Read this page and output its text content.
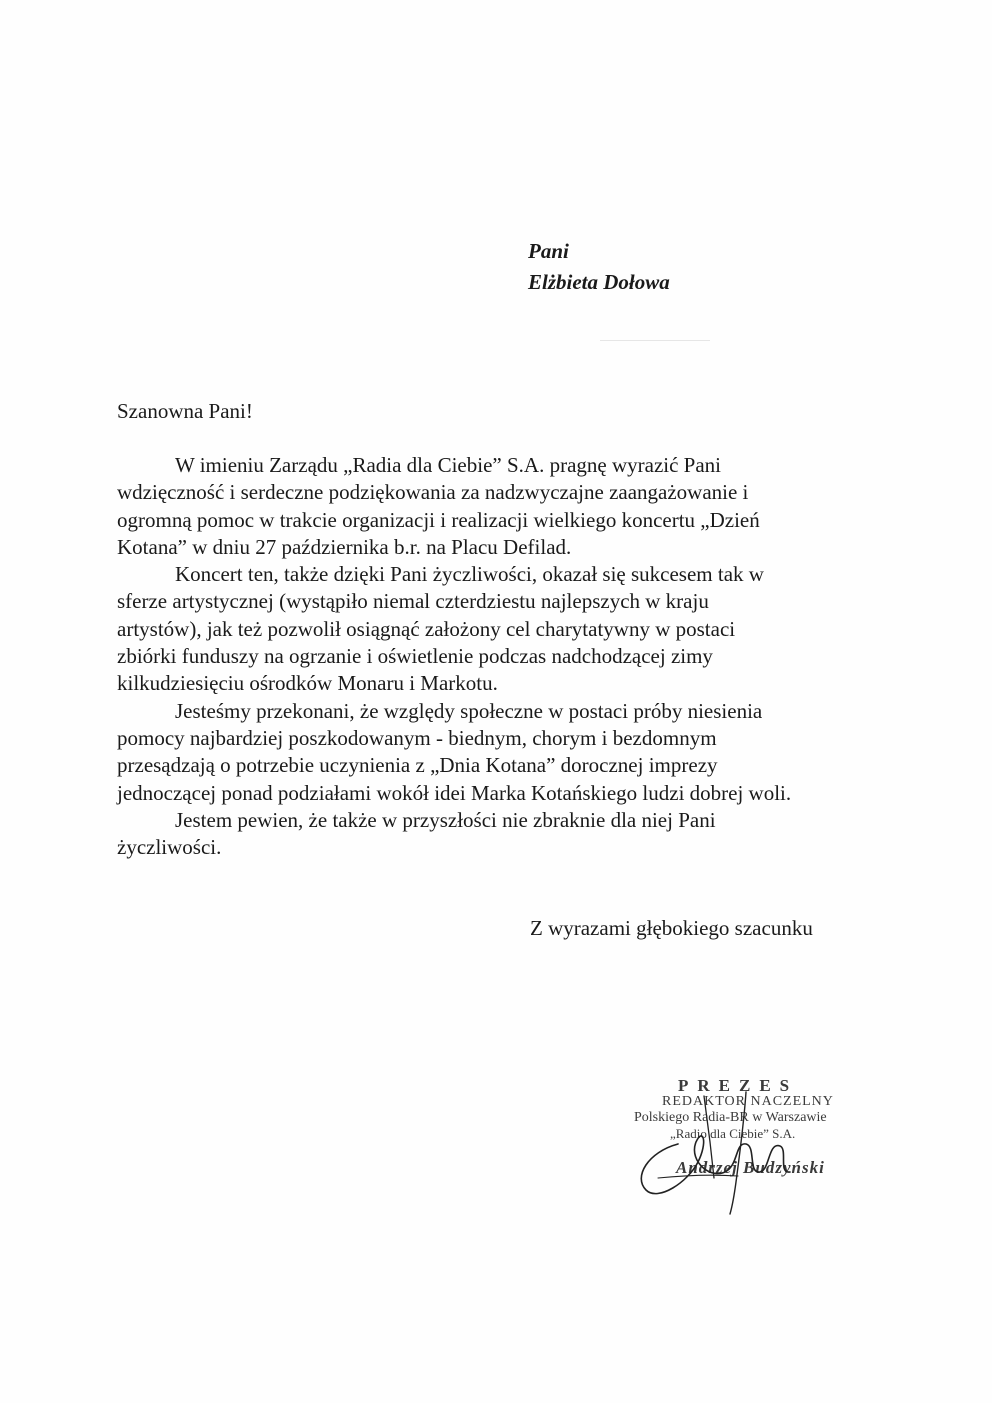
Pani
Elżbieta Dołowa
Szanowna Pani!
W imieniu Zarządu „Radia dla Ciebie” S.A. pragnę wyrazić Pani
wdzięczność i serdeczne podziękowania za nadzwyczajne zaangażowanie i
ogromną pomoc w trakcie organizacji i realizacji wielkiego koncertu „Dzień
Kotana” w dniu 27 października b.r. na Placu Defilad.
Koncert ten, także dzięki Pani życzliwości, okazał się sukcesem tak w
sferze artystycznej (wystąpiło niemal czterdziestu najlepszych w kraju
artystów), jak też pozwolił osiągnąć założony cel charytatywny w postaci
zbiórki funduszy na ogrzanie i oświetlenie podczas nadchodzącej zimy
kilkudziesięciu ośrodków Monaru i Markotu.
Jesteśmy przekonani, że względy społeczne w postaci próby niesienia
pomocy najbardziej poszkodowanym - biednym, chorym i bezdomnym
przesądzają o potrzebie uczynienia z „Dnia Kotana” dorocznej imprezy
jednoczącej ponad podziałami wokół idei Marka Kotańskiego ludzi dobrej woli.
Jestem pewien, że także w przyszłości nie zbraknie dla niej Pani
życzliwości.
Z wyrazami głębokiego szacunku
PREZES
REDAKTOR NACZELNY
Polskiego Radia-BR w Warszawie
„Radio dla Ciebie” S.A.
Andrzej Budzyński
